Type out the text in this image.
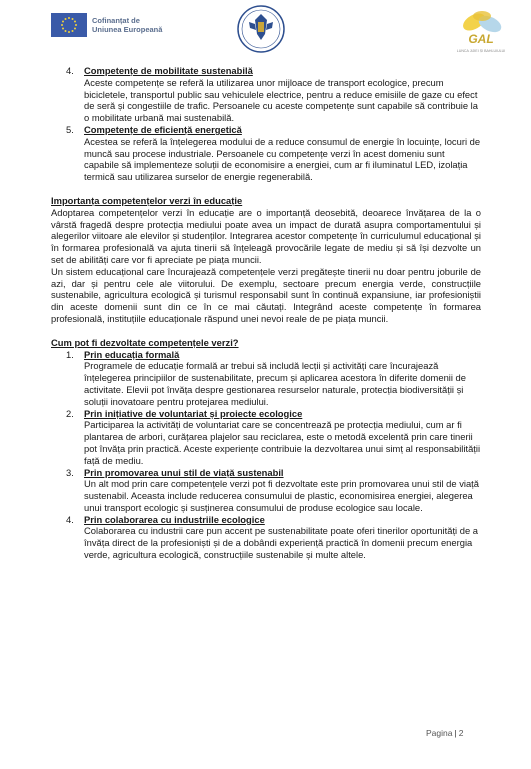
Cofinanțat de
Uniunea Europeană
GAL
LUNCA JIJIEI ȘI BAHLUIULUI
4. Competențe de mobilitate sustenabilă
Aceste competențe se referă la utilizarea unor mijloace de transport ecologice, precum bicicletele, transportul public sau vehiculele electrice, pentru a reduce emisiile de gaze cu efect de seră și congestiile de trafic. Persoanele cu aceste competențe sunt capabile să contribuie la o mobilitate urbană mai sustenabilă.
5. Competențe de eficiență energetică
Acestea se referă la înțelegerea modului de a reduce consumul de energie în locuințe, locuri de muncă sau procese industriale. Persoanele cu competențe verzi în acest domeniu sunt capabile să implementeze soluții de economisire a energiei, cum ar fi iluminatul LED, izolația termică sau utilizarea surselor de energie regenerabilă.

Importanța competențelor verzi în educație

Adoptarea competențelor verzi în educație are o importanță deosebită, deoarece învățarea de la o vârstă fragedă despre protecția mediului poate avea un impact de durată asupra comportamentului și alegerilor viitoare ale elevilor și studenților. Integrarea acestor competențe în curriculumul educațional și în formarea profesională va ajuta tinerii să înțeleagă provocările legate de mediu și să își dezvolte un set de abilități care vor fi apreciate pe piața muncii.

Un sistem educațional care încurajează competențele verzi pregătește tinerii nu doar pentru joburile de azi, dar și pentru cele ale viitorului. De exemplu, sectoare precum energia verde, construcțiile sustenabile, agricultura ecologică și turismul responsabil sunt în continuă expansiune, iar profesioniștii din aceste domenii sunt din ce în ce mai căutați. Integrând aceste competențe în formarea profesională, instituțiile educaționale răspund unei nevoi reale de pe piața muncii.

Cum pot fi dezvoltate competențele verzi?

1. Prin educația formală
Programele de educație formală ar trebui să includă lecții și activități care încurajează înțelegerea principiilor de sustenabilitate, precum și aplicarea acestora în diferite domenii de activitate. Elevii pot învăța despre gestionarea resurselor naturale, protecția biodiversității și soluții inovatoare pentru protejarea mediului.
2. Prin inițiative de voluntariat și proiecte ecologice
Participarea la activități de voluntariat care se concentrează pe protecția mediului, cum ar fi plantarea de arbori, curățarea plajelor sau reciclarea, este o metodă excelentă prin care tinerii pot învăța prin practică. Aceste experiențe contribuie la dezvoltarea unui simț al responsabilității față de mediu.
3. Prin promovarea unui stil de viață sustenabil
Un alt mod prin care competențele verzi pot fi dezvoltate este prin promovarea unui stil de viață sustenabil. Aceasta include reducerea consumului de plastic, economisirea energiei, alegerea unui transport ecologic și susținerea consumului de produse ecologice sau locale.
4. Prin colaborarea cu industriile ecologice
Colaborarea cu industrii care pun accent pe sustenabilitate poate oferi tinerilor oportunități de a învăța direct de la profesioniști și de a dobândi experiență practică în domenii precum energia verde, agricultura ecologică, construcțiile sustenabile și multe altele.
Pagina | 2
